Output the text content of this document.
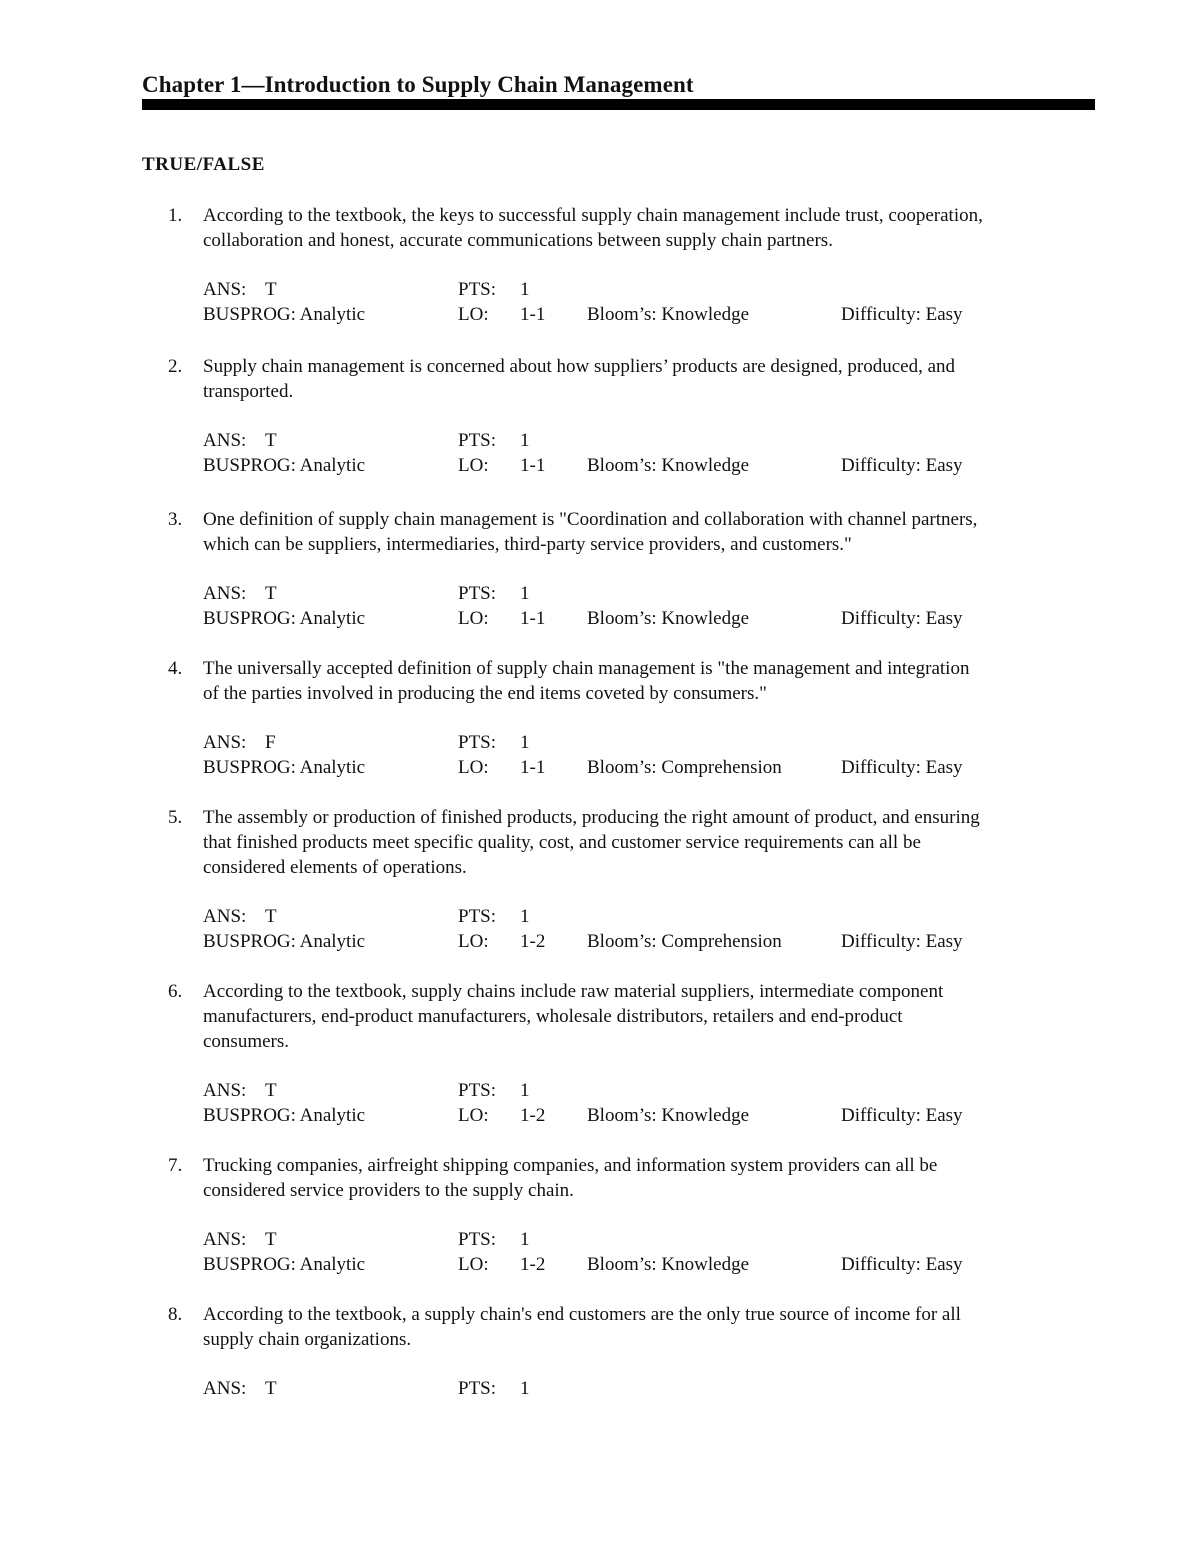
Chapter 1—Introduction to Supply Chain Management
TRUE/FALSE
1. According to the textbook, the keys to successful supply chain management include trust, cooperation,
collaboration and honest, accurate communications between supply chain partners.
ANS: T	PTS: 1
BUSPROG: Analytic	LO: 1-1 Bloom’s: Knowledge	Difficulty: Easy
2. Supply chain management is concerned about how suppliers’ products are designed, produced, and
transported.
ANS: T	PTS: 1
BUSPROG: Analytic	LO: 1-1 Bloom’s: Knowledge	Difficulty: Easy
3. One definition of supply chain management is "Coordination and collaboration with channel partners,
which can be suppliers, intermediaries, third-party service providers, and customers."
ANS: T	PTS: 1
BUSPROG: Analytic	LO: 1-1 Bloom’s: Knowledge	Difficulty: Easy
4. The universally accepted definition of supply chain management is "the management and integration
of the parties involved in producing the end items coveted by consumers."
ANS: F	PTS: 1
BUSPROG: Analytic	LO: 1-1 Bloom’s: Comprehension	Difficulty: Easy
5. The assembly or production of finished products, producing the right amount of product, and ensuring
that finished products meet specific quality, cost, and customer service requirements can all be
considered elements of operations.
ANS: T	PTS: 1
BUSPROG: Analytic	LO: 1-2 Bloom’s: Comprehension	Difficulty: Easy
6. According to the textbook, supply chains include raw material suppliers, intermediate component
manufacturers, end-product manufacturers, wholesale distributors, retailers and end-product
consumers.
ANS: T	PTS: 1
BUSPROG: Analytic	LO: 1-2 Bloom’s: Knowledge	Difficulty: Easy
7. Trucking companies, airfreight shipping companies, and information system providers can all be
considered service providers to the supply chain.
ANS: T	PTS: 1
BUSPROG: Analytic	LO: 1-2 Bloom’s: Knowledge	Difficulty: Easy
8. According to the textbook, a supply chain's end customers are the only true source of income for all
supply chain organizations.
ANS: T	PTS: 1
